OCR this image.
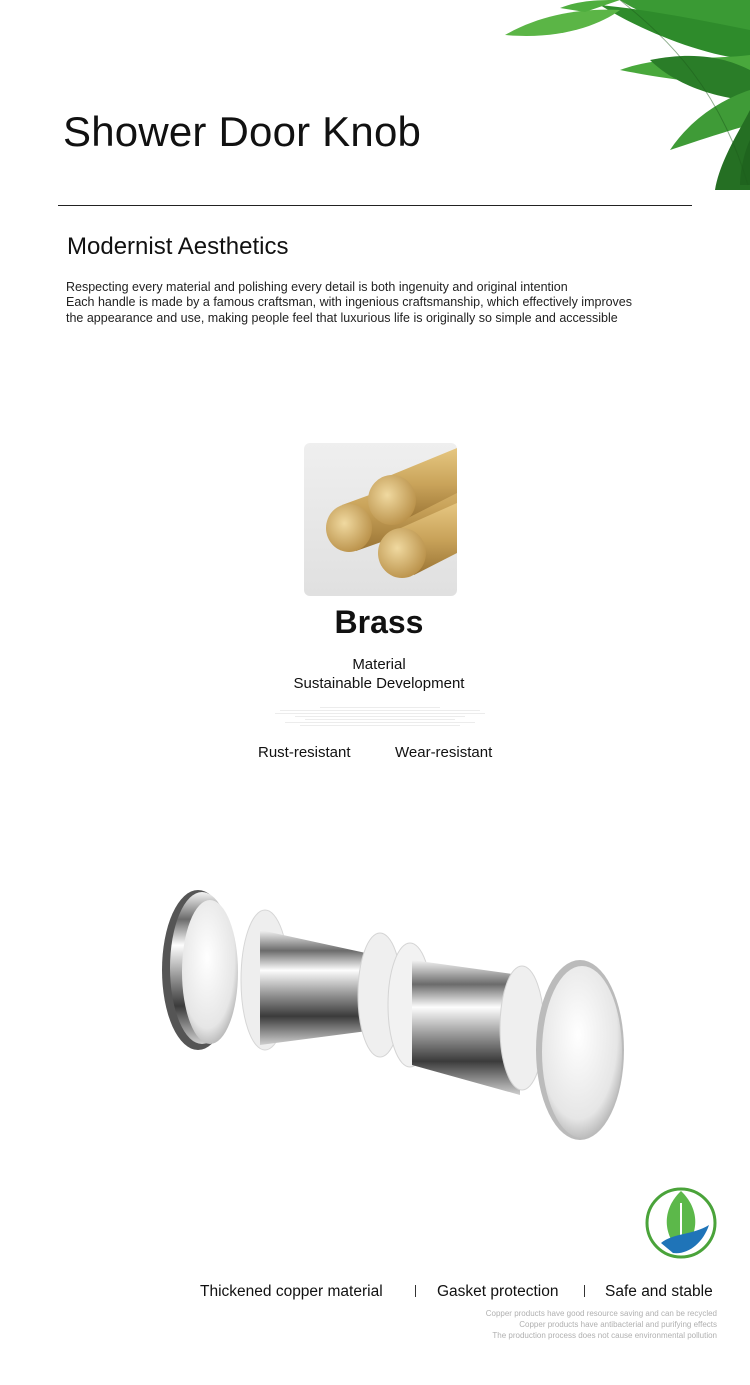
Shower Door Knob
Modernist Aesthetics

Respecting every material and polishing every detail is both ingenuity and original intention

Each handle is made by a famous craftsman, with ingenious craftsmanship, which effectively improves

the appearance and use, making people feel that luxurious life is originally so simple and accessible

Brass
Material
Sustainable Development
Rust-resistant	Wear-resistant
Thickened copper material	Gasket protection	Safe and stable
Copper products have good resource saving and can be recycled
Copper products have antibacterial and purifying effects
The production process does not cause environmental pollution
